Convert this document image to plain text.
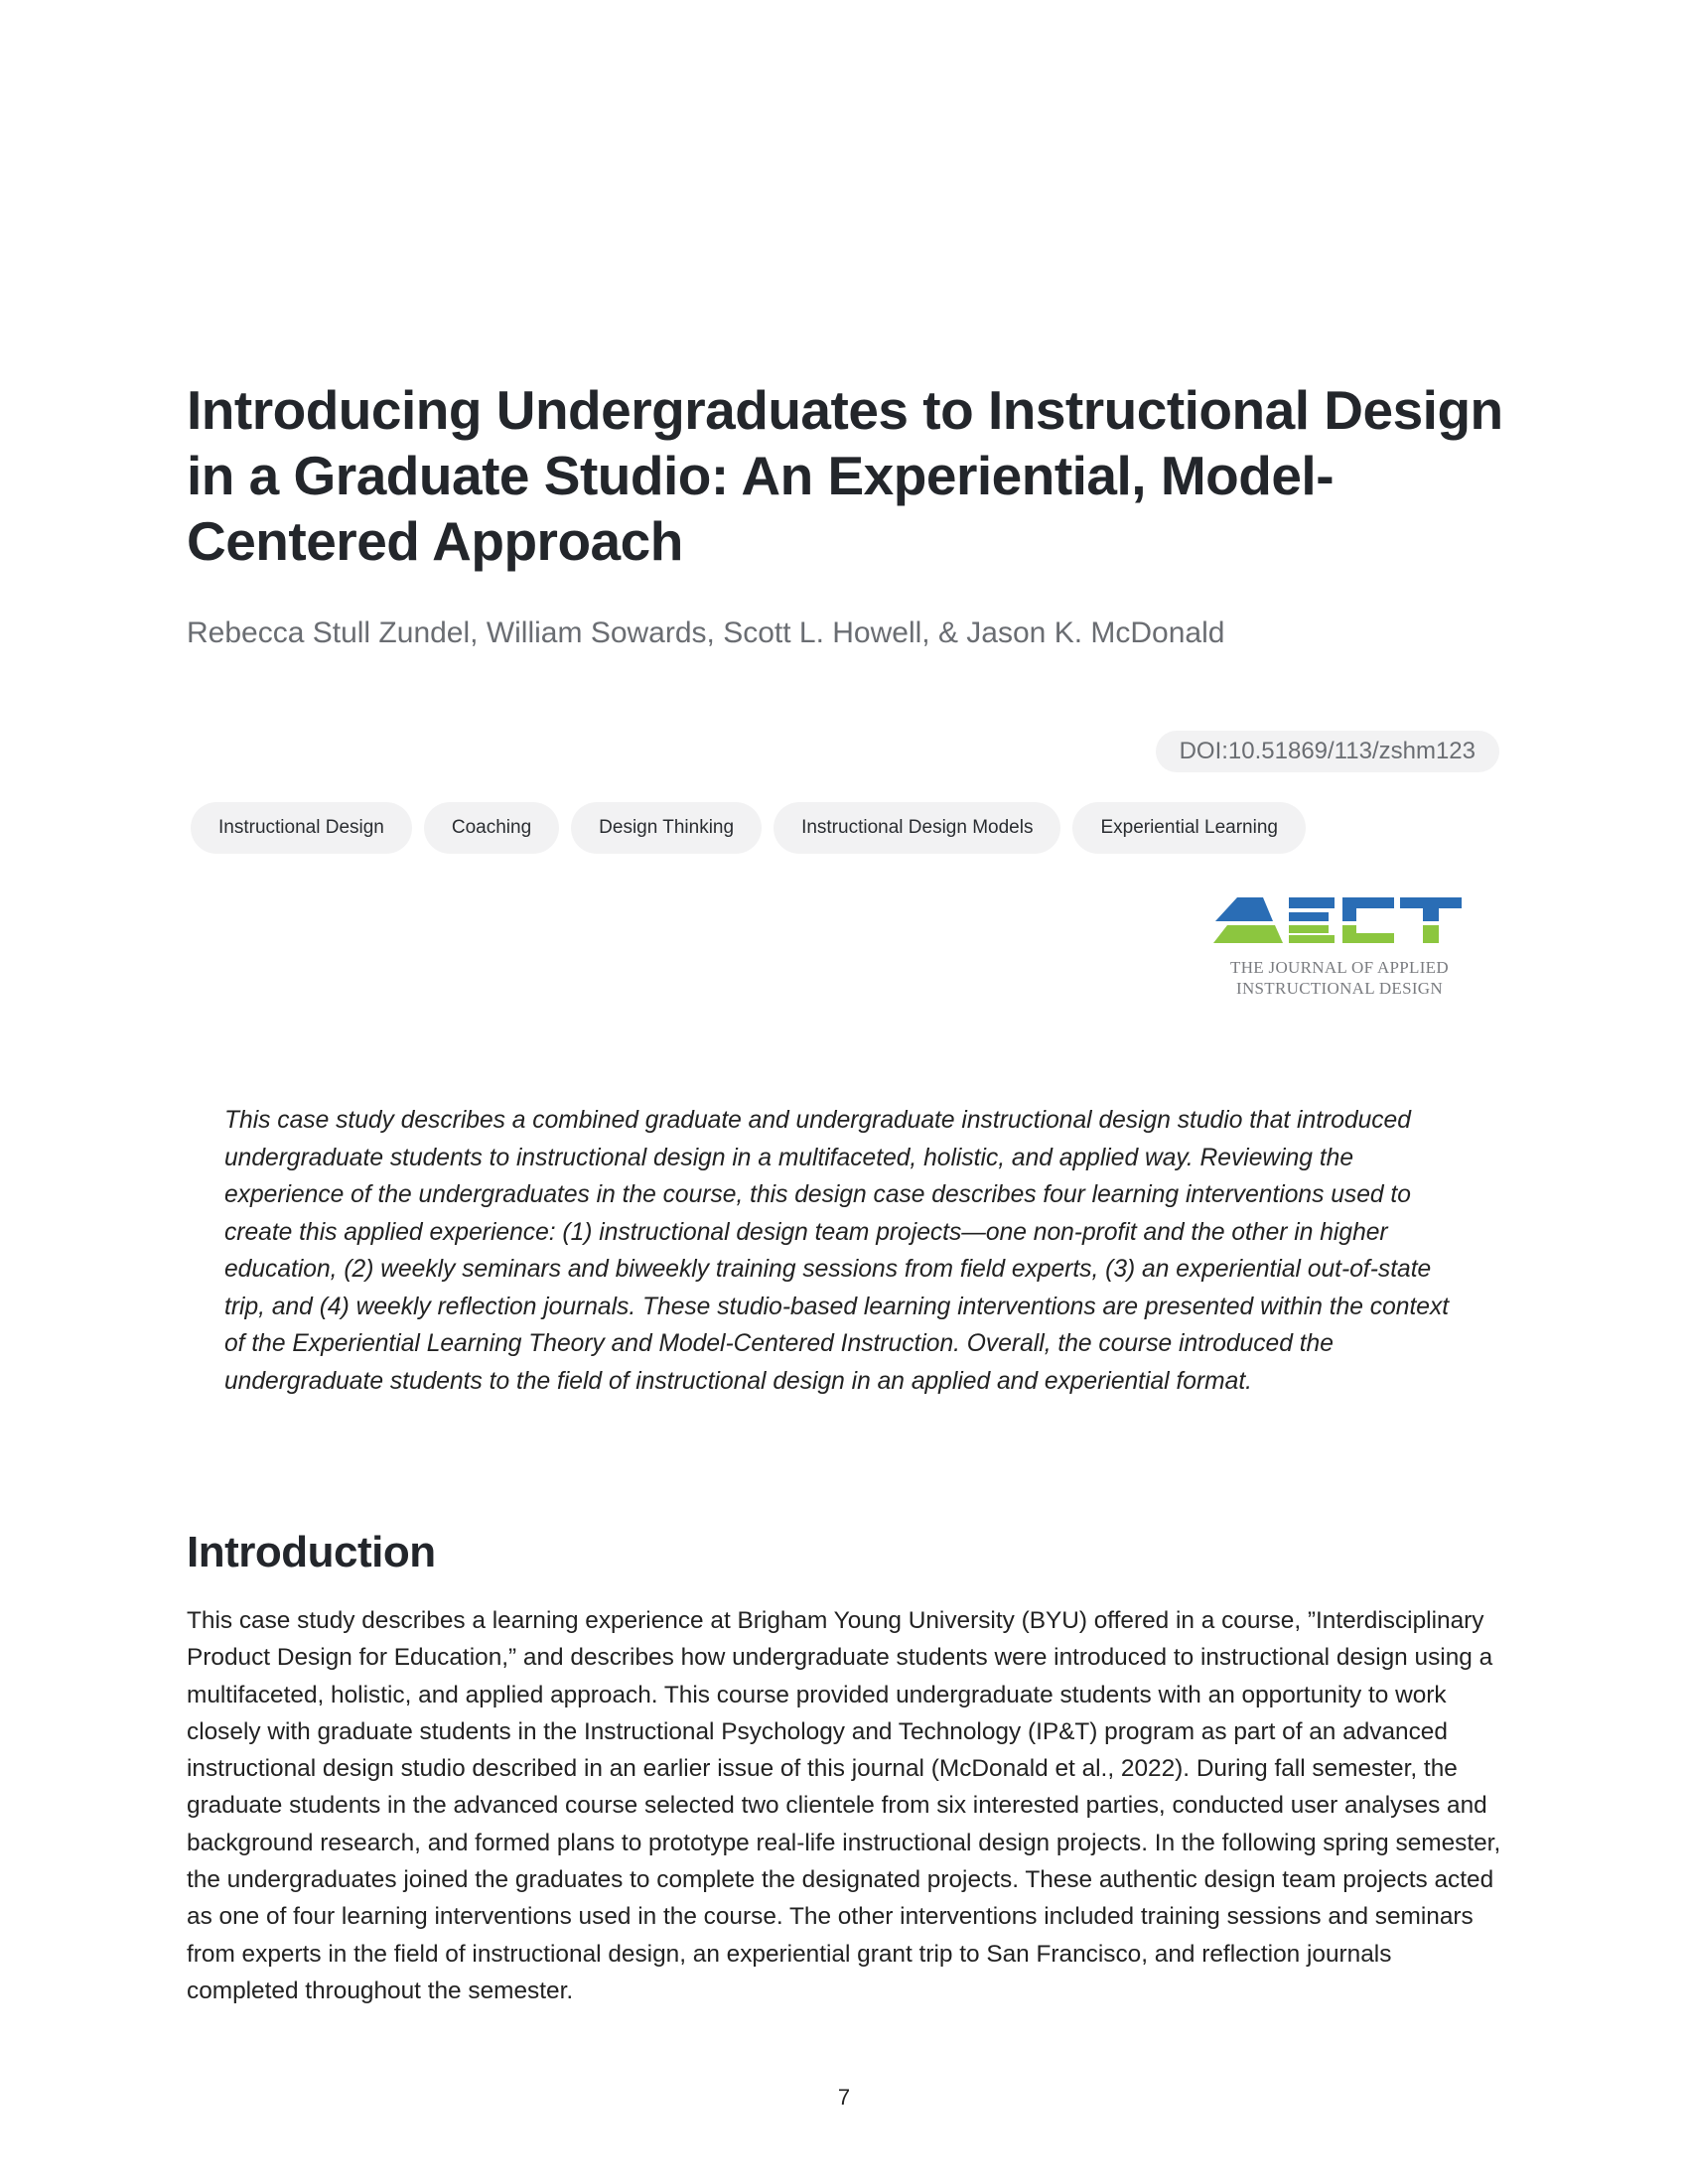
Introducing Undergraduates to Instructional Design in a Graduate Studio: An Experiential, Model-Centered Approach

Rebecca Stull Zundel, William Sowards, Scott L. Howell, & Jason K. McDonald

DOI:10.51869/113/zshm123
Instructional Design	Coaching	Design Thinking	Instructional Design Models	Experiential Learning
THE JOURNAL OF APPLIED
INSTRUCTIONAL DESIGN

This case study describes a combined graduate and undergraduate instructional design studio that introduced undergraduate students to instructional design in a multifaceted, holistic, and applied way. Reviewing the experience of the undergraduates in the course, this design case describes four learning interventions used to create this applied experience: (1) instructional design team projects—one non-profit and the other in higher education, (2) weekly seminars and biweekly training sessions from field experts, (3) an experiential out-of-state trip, and (4) weekly reflection journals. These studio-based learning interventions are presented within the context of the Experiential Learning Theory and Model-Centered Instruction. Overall, the course introduced the undergraduate students to the field of instructional design in an applied and experiential format.

Introduction

This case study describes a learning experience at Brigham Young University (BYU) offered in a course, ”Interdisciplinary Product Design for Education,” and describes how undergraduate students were introduced to instructional design using a multifaceted, holistic, and applied approach. This course provided undergraduate students with an opportunity to work closely with graduate students in the Instructional Psychology and Technology (IP&T) program as part of an advanced instructional design studio described in an earlier issue of this journal (McDonald et al., 2022). During fall semester, the graduate students in the advanced course selected two clientele from six interested parties, conducted user analyses and background research, and formed plans to prototype real-life instructional design projects. In the following spring semester, the undergraduates joined the graduates to complete the designated projects. These authentic design team projects acted as one of four learning interventions used in the course. The other interventions included training sessions and seminars from experts in the field of instructional design, an experiential grant trip to San Francisco, and reflection journals completed throughout the semester.

7
